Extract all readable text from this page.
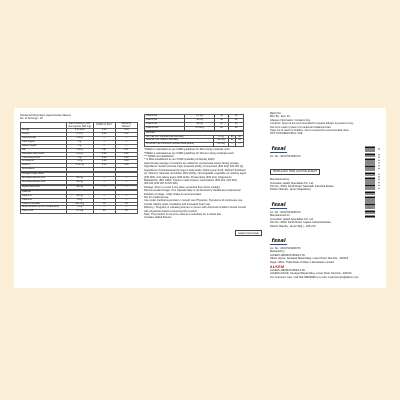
Nutritional Information (Approximate Values)
No. of Servings : 15
	Each Serving of Soft Gel Capsule (920 mg)	%RDA for Men*	%RDA for Women*
Energy*	0.90 Kcal	0.03	0.04
Protein	0.17 g	0.29	0.31
Carbohydrate	0.18 g	—	—
Total Sugars	0 g	—	—
Added Sugars*	0 g	—	—
Fat*	0.56 g	0.97	0.97
Saturated Fatty Acids*	0.01 g	0.01	0.01
Trans Fatty Acids*	0 g	0.00	0.00
Cholesterol*	0 mg	0.00	0.00
Sodium*	0.10 mg	0.10	0.10
Antioxidants			

Omega-3 Fatty Acids			
Eicosapentaenoic Acid	90 mg	—	—
Docosahexaenoic Acid	60 mg	—	—

Alpha Lipoic Acid	30 mg	—	—

Vitamins			
Vitamin C	40 mg	—	—
Vitamin E	8 mg	—	—
Vitamin A Acetate	300 mcg	30	36
Beta-Carotene (as 30 % Dispersion)	1 mg	—	—
Vitamin B6	1.5 mg	40	35
Vitamin B1	0.5 mg	40	35
Vitamin B2	10 mg	44	40
Vitamin B3	10 mg	10	20
Vitamin B12	0.5 mcg	20	20
Minerals			
Zinc (as Zinc Sulphate Monohydrate)	8 mg	60	60
Selenium (as Sodium Selenate)	40 mcg	60	60
Chromium (as chromium chloride hexahydrate)	25 mcg	—	—
*%RDA is calculated as per ICMR guidelines for Men doing moderate work.
*%RDA is calculated as per ICMR guidelines for Women doing moderate work.
*** %RDA not established
* % RDA established as per FSSR (Labelling & Display 2020)
Approximate average of nutrients are added for compensate losses during storage.
Ingredients: Gelatin (Animal origin (Capsule shell)), Humectants (INS 422) INS 420 (i)),
Ingredients of Nutraceutical (Omega-3 Fatty Acids, Alpha Lipoic Acid), Refined Sunflower
oil, Vitamins, Minerals, Emulsifier (INS 322(i)), Nonvegetable vegetable oil, Glazing agent
(INS 901), Anti caking agent (INS 1102), Preservative (INS 211), Magnesium
Maltodextrin (INS 1400), Titanium oxide Colour), Antioxidants (INS 321, INS 319),
INS 320 (INS 307 & INS 330).
Storage: Store in a cool & dry place, protected from direct sunlight.
Recommended Usage: One Capsule daily or as directed by Healthcare professional.
Duration of usage : Daily intake as recommended.
Not for medicinal use.
Use under medical supervision / consult your Physician. Symptoms of continuous use
include Gastric upset, headache and increased heart rate.
Warning : Pregnant or Lactating women or person with chemical condition should consult
with physicians before consuming this product.
Note: This product is not to be used as a substitute for a varied diet.
Contains added Flavour
Gelatin Food Grade
Batch No.:
Mfd. By : Exp. Dt :
Allergen Information: Contains Soy.
Contents: Soya oil are recommended for people allergic to peanut or soy.
Not to be used in place of a varied and balanced diet.
Keep out of reach of children. Not to exceed the recommended dose.
NOT FOR MEDICINAL USE
fssai
Lic. No.: 10017021000379
PEOPLE MAY HAVE LAXATIVE EFFECT
Manufactured by:
Innovation Health Specialties Pvt. Ltd.
Plot No.: 8069, Kandi Road, Sainiwalh Industrial Estate,
District: Bareilly , Ajmer (Rajasthan)
fssai
Lic. No.: 10017021000379
Manufactured for:
Innovation Health Specialties Pvt. Ltd.
Plot No.: 8069, Kandi Road, Gujarat Industrial Estate,
District: Bareilly , Ajmer (Raj.) - 206 210
fssai
Lic. No.: 10017021000379
Marketed by:
ALKEM LABORATORIES LTD.
Alkem House, Senapati Bapat Marg, Lower Parel, Mumbai - 400013.
Regd. Office: Trade Mark of Alkem Laboratories Limited
ALKEM
ALKEM LABORATORIES LTD.
ALKEM HOUSE, Senapati Bapat Marg, Lower Parel, Mumbai - 400013.
For Customer Care, Call 022-39829999 or e-mail: customercare@alkem.com
8 904153 101024
